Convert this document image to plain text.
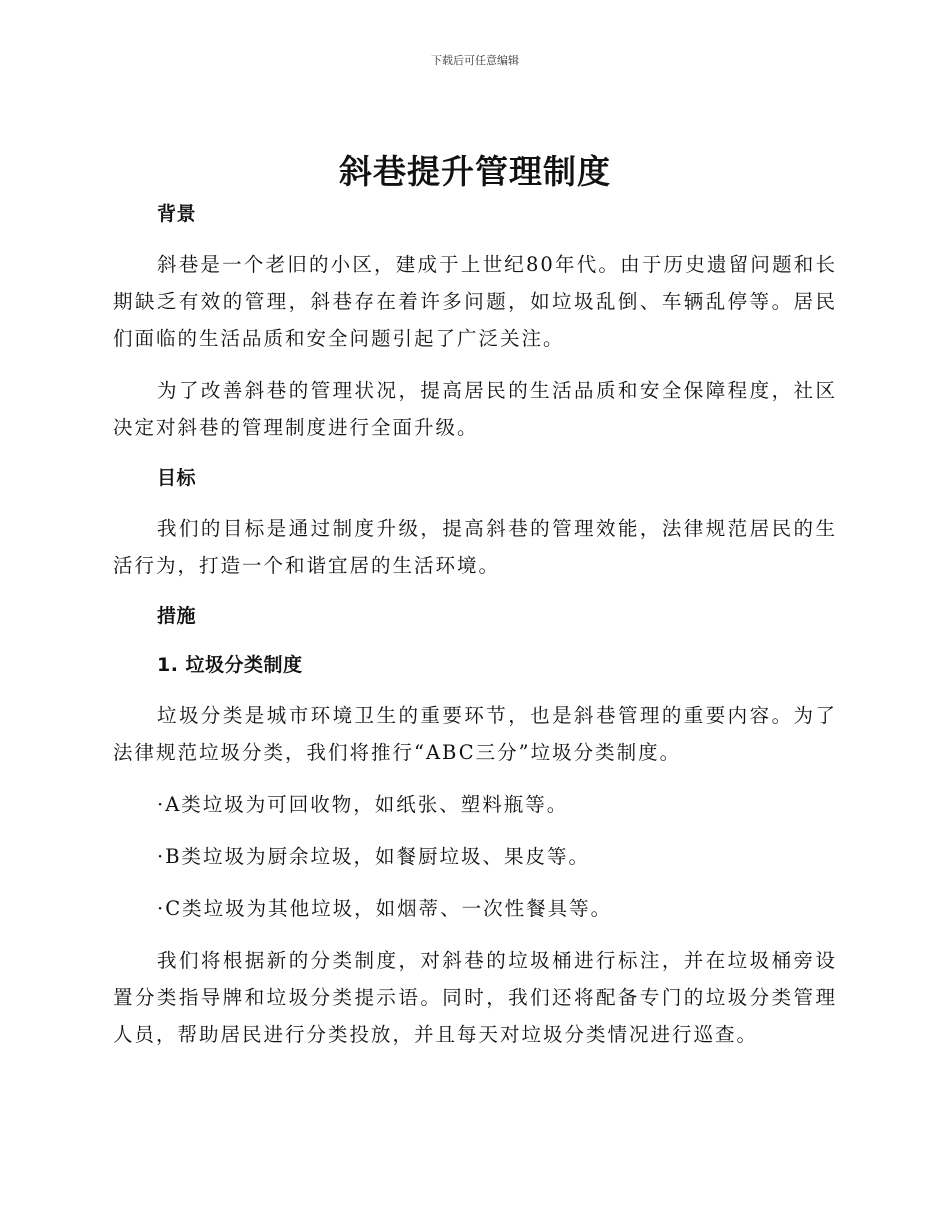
下载后可任意编辑
斜巷提升管理制度

背景

斜巷是一个老旧的小区，建成于上世纪80年代。由于历史遗留问题和长期缺乏有效的管理，斜巷存在着许多问题，如垃圾乱倒、车辆乱停等。居民们面临的生活品质和安全问题引起了广泛关注。

为了改善斜巷的管理状况，提高居民的生活品质和安全保障程度，社区决定对斜巷的管理制度进行全面升级。

目标

我们的目标是通过制度升级，提高斜巷的管理效能，法律规范居民的生活行为，打造一个和谐宜居的生活环境。

措施

1. 垃圾分类制度

垃圾分类是城市环境卫生的重要环节，也是斜巷管理的重要内容。为了法律规范垃圾分类，我们将推行“ABC三分”垃圾分类制度。

·A类垃圾为可回收物，如纸张、塑料瓶等。

·B类垃圾为厨余垃圾，如餐厨垃圾、果皮等。

·C类垃圾为其他垃圾，如烟蒂、一次性餐具等。

我们将根据新的分类制度，对斜巷的垃圾桶进行标注，并在垃圾桶旁设置分类指导牌和垃圾分类提示语。同时，我们还将配备专门的垃圾分类管理人员，帮助居民进行分类投放，并且每天对垃圾分类情况进行巡查。
